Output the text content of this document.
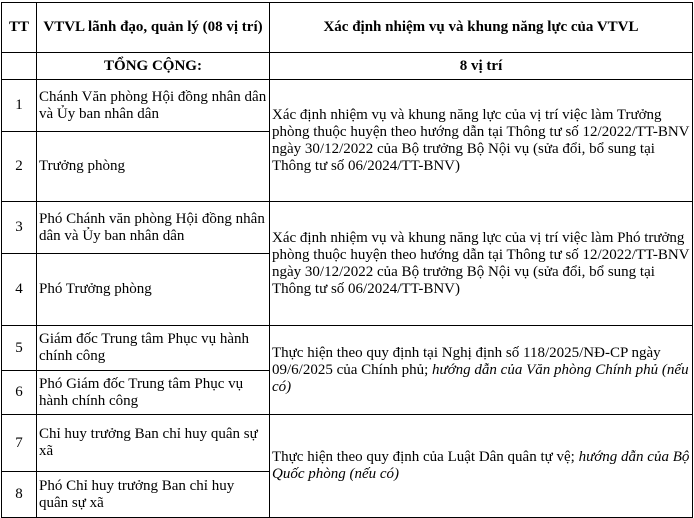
TT	VTVL lãnh đạo, quản lý (08 vị trí)	Xác định nhiệm vụ và khung năng lực của VTVL
	TỔNG CỘNG:	8 vị trí
1	Chánh Văn phòng Hội đồng nhân dân và Ủy ban nhân dân	Xác định nhiệm vụ và khung năng lực của vị trí việc làm Trưởng phòng thuộc huyện theo hướng dẫn tại Thông tư số 12/2022/TT-BNV ngày 30/12/2022 của Bộ trưởng Bộ Nội vụ (sửa đổi, bổ sung tại Thông tư số 06/2024/TT-BNV)
2	Trưởng phòng	
3	Phó Chánh văn phòng Hội đồng nhân dân và Ủy ban nhân dân	Xác định nhiệm vụ và khung năng lực của vị trí việc làm Phó trưởng phòng thuộc huyện theo hướng dẫn tại Thông tư số 12/2022/TT-BNV ngày 30/12/2022 của Bộ trưởng Bộ Nội vụ (sửa đổi, bổ sung tại Thông tư số 06/2024/TT-BNV)
4	Phó Trưởng phòng	
5	Giám đốc Trung tâm Phục vụ hành chính công	Thực hiện theo quy định tại Nghị định số 118/2025/NĐ-CP ngày 09/6/2025 của Chính phủ; hướng dẫn của Văn phòng Chính phủ (nếu có)
6	Phó Giám đốc Trung tâm Phục vụ hành chính công	
7	Chỉ huy trưởng Ban chỉ huy quân sự xã	Thực hiện theo quy định của Luật Dân quân tự vệ; hướng dẫn của Bộ Quốc phòng (nếu có)
8	Phó Chỉ huy trưởng Ban chỉ huy quân sự xã	
